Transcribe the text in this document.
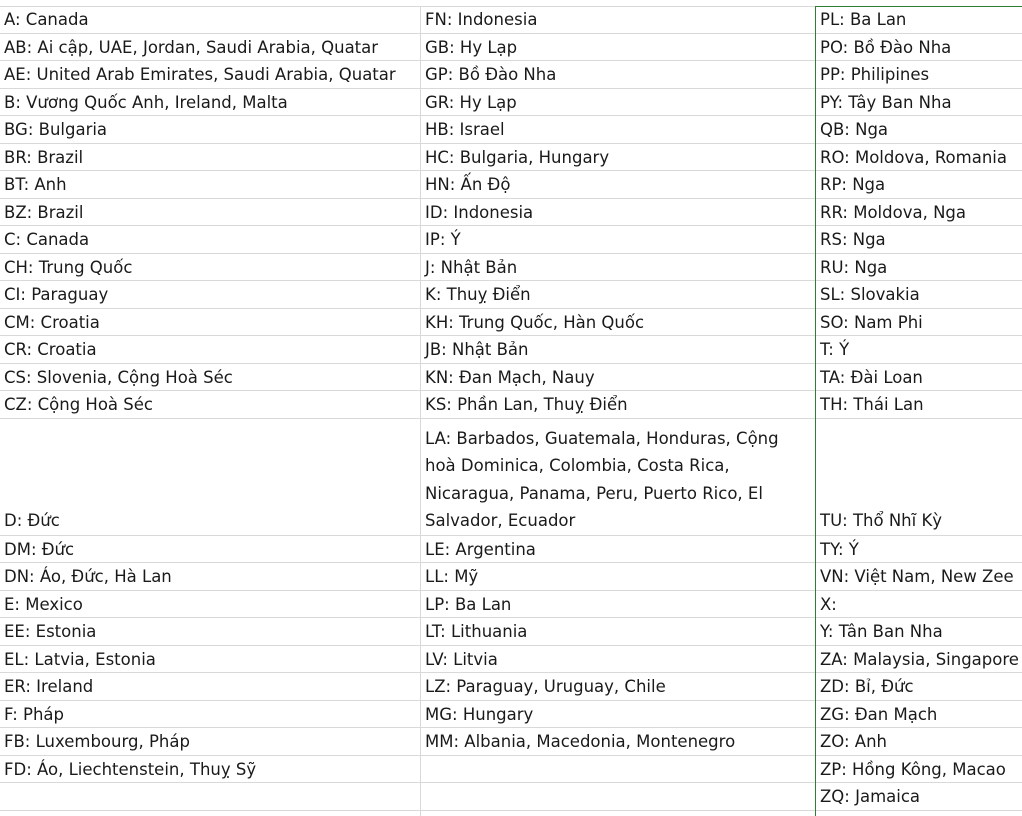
A: Canada
AB: Ai cập, UAE, Jordan, Saudi Arabia, Quatar
AE: United Arab Emirates, Saudi Arabia, Quatar
B: Vương Quốc Anh, Ireland, Malta
BG: Bulgaria
BR: Brazil
BT: Anh
BZ: Brazil
C: Canada
CH: Trung Quốc
CI: Paraguay
CM: Croatia
CR: Croatia
CS: Slovenia, Cộng Hoà Séc
CZ: Cộng Hoà Séc
D: Đức
DM: Đức
DN: Áo, Đức, Hà Lan
E: Mexico
EE: Estonia
EL: Latvia, Estonia
ER: Ireland
F: Pháp
FB: Luxembourg, Pháp
FD: Áo, Liechtenstein, Thuỵ Sỹ
FN: Indonesia
GB: Hy Lạp
GP: Bồ Đào Nha
GR: Hy Lạp
HB: Israel
HC: Bulgaria, Hungary
HN: Ấn Độ
ID: Indonesia
IP: Ý
J: Nhật Bản
K: Thuỵ Điển
KH: Trung Quốc, Hàn Quốc
JB: Nhật Bản
KN: Đan Mạch, Nauy
KS: Phần Lan, Thuỵ Điển
LA: Barbados, Guatemala, Honduras, Cộng hoà Dominica, Colombia, Costa Rica, Nicaragua, Panama, Peru, Puerto Rico, El Salvador, Ecuador
LE: Argentina
LL: Mỹ
LP: Ba Lan
LT: Lithuania
LV: Litvia
LZ: Paraguay, Uruguay, Chile
MG: Hungary
MM: Albania, Macedonia, Montenegro
PL: Ba Lan
PO: Bồ Đào Nha
PP: Philipines
PY: Tây Ban Nha
QB: Nga
RO: Moldova, Romania
RP: Nga
RR: Moldova, Nga
RS: Nga
RU: Nga
SL: Slovakia
SO: Nam Phi
T: Ý
TA: Đài Loan
TH: Thái Lan
TU: Thổ Nhĩ Kỳ
TY: Ý
VN: Việt Nam, New Zee
X:
Y: Tân Ban Nha
ZA: Malaysia, Singapore
ZD: Bỉ, Đức
ZG: Đan Mạch
ZO: Anh
ZP: Hồng Kông, Macao
ZQ: Jamaica
